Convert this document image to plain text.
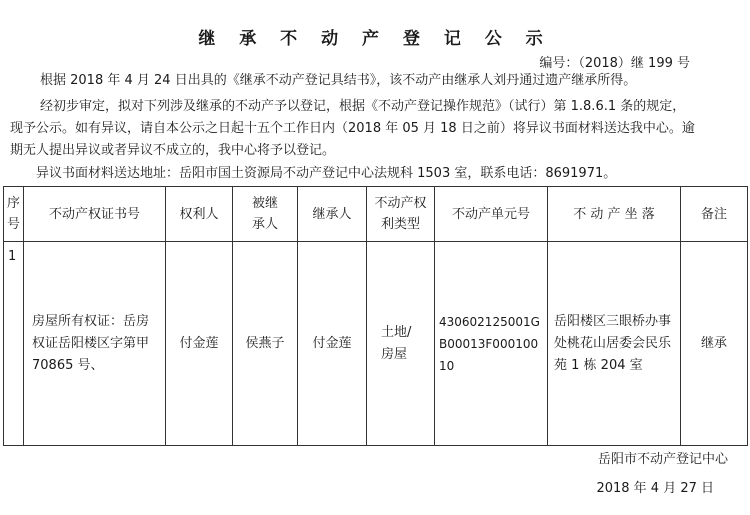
继 承 不 动 产 登 记 公 示
编号：（2018）继 199 号
根据 2018 年 4 月 24 日出具的《继承不动产登记具结书》，该不动产由继承人刘丹通过遗产继承所得。
经初步审定，拟对下列涉及继承的不动产予以登记，根据《不动产登记操作规范》（试行）第 1.8.6.1 条的规定，
现予公示。如有异议，请自本公示之日起十五个工作日内（2018 年 05 月 18 日之前）将异议书面材料送达我中心。逾
期无人提出异议或者异议不成立的，我中心将予以登记。
异议书面材料送达地址：岳阳市国土资源局不动产登记中心法规科 1503 室，联系电话：8691971。
序号	不动产权证书号	权利人	被继承人	继承人	不动产权利类型	不动产单元号	不 动 产 坐 落	备注
1	房屋所有权证：岳房权证岳阳楼区字第甲 70865 号、	付金莲	侯燕子	付金莲	土地/房屋	430602125001GB00013F00010010	岳阳楼区三眼桥办事处桃花山居委会民乐苑 1 栋 204 室	继承
岳阳市不动产登记中心
2018 年 4 月 27 日
